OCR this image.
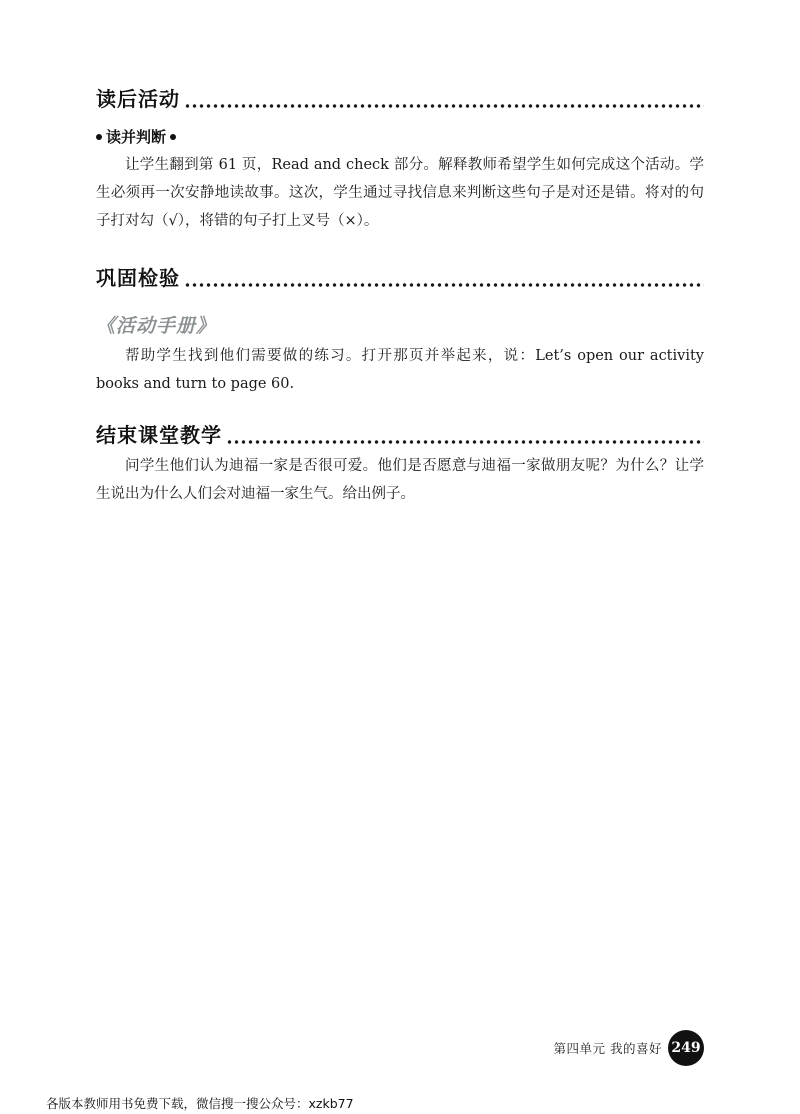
读后活动
读并判断

让学生翻到第 61 页，Read and check 部分。解释教师希望学生如何完成这个活动。学生必须再一次安静地读故事。这次，学生通过寻找信息来判断这些句子是对还是错。将对的句子打对勾（√），将错的句子打上叉号（×）。

巩固检验
《活动手册》

帮助学生找到他们需要做的练习。打开那页并举起来，说：Let’s open our activity books and turn to page 60.

结束课堂教学

问学生他们认为迪福一家是否很可爱。他们是否愿意与迪福一家做朋友呢？为什么？让学生说出为什么人们会对迪福一家生气。给出例子。

第四单元 我的喜好 249
各版本教师用书免费下载，微信搜一搜公众号：xzkb77
